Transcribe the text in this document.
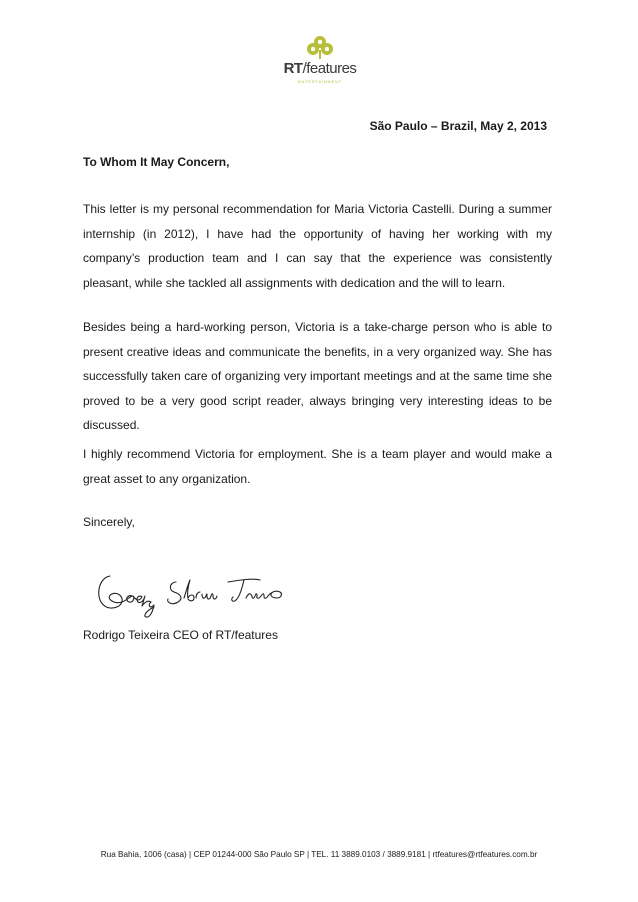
RT/features
ENTERTAINMENT
São Paulo – Brazil, May 2, 2013
To Whom It May Concern,

This letter is my personal recommendation for Maria Victoria Castelli. During a summer internship (in 2012), I have had the opportunity of having her working with my company’s production team and I can say that the experience was consistently pleasant, while she tackled all assignments with dedication and the will to learn.

Besides being a hard-working person, Victoria is a take-charge person who is able to present creative ideas and communicate the benefits, in a very organized way. She has successfully taken care of organizing very important meetings and at the same time she proved to be a very good script reader, always bringing very interesting ideas to be discussed.

I highly recommend Victoria for employment. She is a team player and would make a great asset to any organization.

Sincerely,
Rodrigo Teixeira CEO of RT/features
Rua Bahia, 1006 (casa) | CEP 01244-000 São Paulo SP | TEL. 11 3889.0103 / 3889.9181 | rtfeatures@rtfeatures.com.br
